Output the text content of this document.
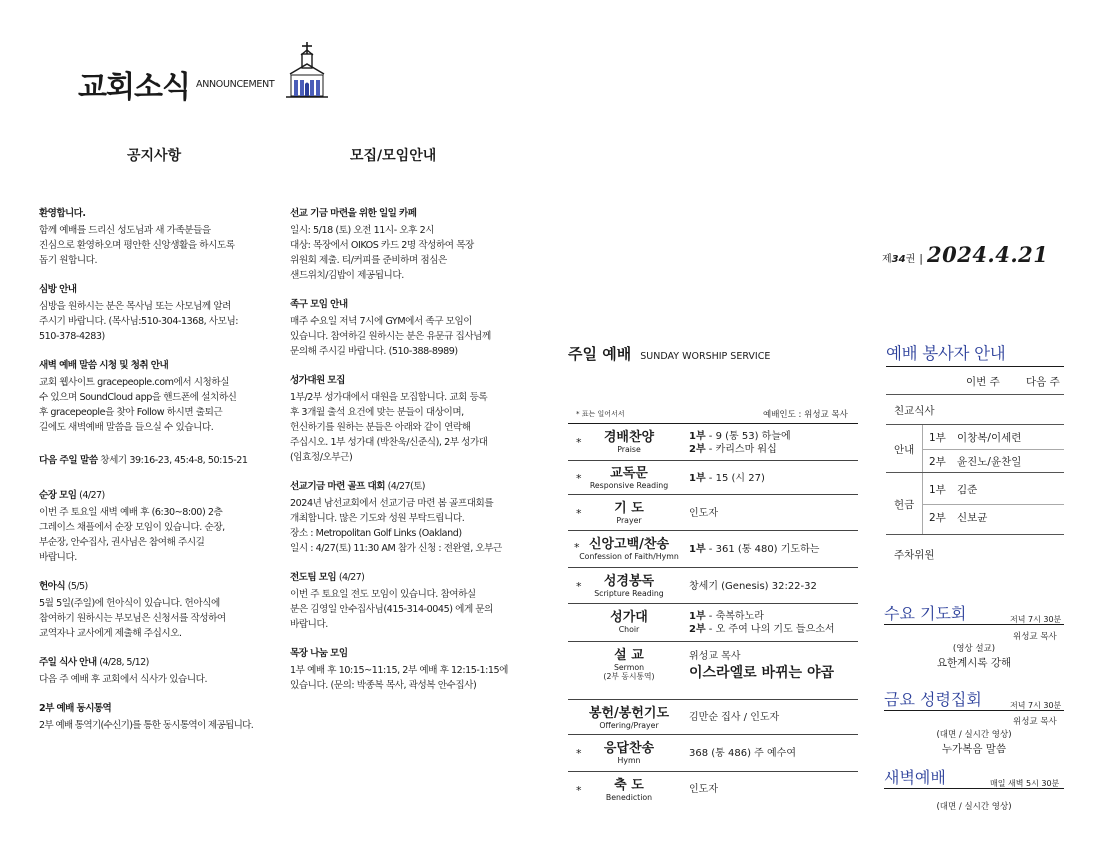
교회소식 ANNOUNCEMENT
공지사항	모집/모임안내
환영합니다.
함께 예배를 드리신 성도님과 새 가족분들을
진심으로 환영하오며 평안한 신앙생활을 하시도록
돕기 원합니다.
심방 안내
심방을 원하시는 분은 목사님 또는 사모님께 알려
주시기 바랍니다. (목사님:510-304-1368, 사모님:
510-378-4283)
새벽 예배 말씀 시청 및 청취 안내
교회 웹사이트 gracepeople.com에서 시청하실
수 있으며 SoundCloud app을 핸드폰에 설치하신
후 gracepeople을 찾아 Follow 하시면 출퇴근
길에도 새벽예배 말씀을 들으실 수 있습니다.
다음 주일 말씀 창세기 39:16-23, 45:4-8, 50:15-21
순장 모임 (4/27)
이번 주 토요일 새벽 예배 후 (6:30~8:00) 2층
그레이스 채플에서 순장 모임이 있습니다. 순장,
부순장, 안수집사, 권사님은 참여해 주시길
바랍니다.
헌아식 (5/5)
5월 5일(주일)에 헌아식이 있습니다. 헌아식에
참여하기 원하시는 부모님은 신청서를 작성하여
교역자나 교사에게 제출해 주십시오.
주일 식사 안내 (4/28, 5/12)
다음 주 예배 후 교회에서 식사가 있습니다.
2부 예배 동시통역
2부 예배 통역기(수신기)를 통한 동시통역이 제공됩니다.
선교 기금 마련을 위한 일일 카페
일시: 5/18 (토) 오전 11시- 오후 2시
대상: 목장에서 OIKOS 카드 2명 작성하여 목장
위원회 제출. 티/커피를 준비하며 점심은
샌드위치/김밥이 제공됩니다.
족구 모임 안내
매주 수요일 저녁 7시에 GYM에서 족구 모임이
있습니다. 참여하길 원하시는 분은 유문규 집사님께
문의해 주시길 바랍니다. (510-388-8989)
성가대원 모집
1부/2부 성가대에서 대원을 모집합니다. 교회 등록
후 3개월 출석 요건에 맞는 분들이 대상이며,
헌신하기를 원하는 분들은 아래와 같이 연락해
주십시오. 1부 성가대 (박찬욱/신준식), 2부 성가대
(임효정/오부근)
선교기금 마련 골프 대회 (4/27(토)
2024년 남선교회에서 선교기금 마련 봄 골프대회를
개최합니다. 많은 기도와 성원 부탁드립니다.
장소 : Metropolitan Golf Links (Oakland)
일시 : 4/27(토) 11:30 AM 참가 신청 : 전완열, 오부근
전도팀 모임 (4/27)
이번 주 토요일 전도 모임이 있습니다. 참여하실
분은 김영일 안수집사님(415-314-0045) 에게 문의
바랍니다.
목장 나눔 모임
1부 예배 후 10:15~11:15, 2부 예배 후 12:15-1:15에
있습니다. (문의: 박종복 목사, 곽성복 안수집사)
제 34 권 | 2024.4.21
주일 예배 SUNDAY WORSHIP SERVICE
* 표는 일어서서	예배인도 : 위성교 목사
*	경배찬양
Praise
1부 - 9 (통 53) 하늘에
2부 - 카리스마 워십
*	교독문
Responsive Reading
1부 - 15 (시 27)
*	기 도
Prayer
인도자
* 신앙고백/찬송
Confession of Faith/Hymn
1부 - 361 (통 480) 기도하는
*	성경봉독
Scripture Reading
창세기 (Genesis) 32:22-32
성가대
Choir
1부 - 축복하노라
2부 - 오 주여 나의 기도 들으소서
설 교
Sermon
(2부 동시통역)
위성교 목사
이스라엘로 바뀌는 야곱
봉헌/봉헌기도
Offering/Prayer
김만순 집사 / 인도자
*	응답찬송
Hymn
368 (통 486) 주 예수여
*	축 도
Benediction
인도자
예배 봉사자 안내
이번 주 다음 주
친교식사
안내
1부 이창복/이세련
2부 윤진노/윤찬일
헌금
1부 김준
2부 신보균
주차위원
수요 기도회	저녁 7시 30분
위성교 목사
(영상 설교)
요한계시록 강해
금요 성령집회	저녁 7시 30분
위성교 목사
(대면 / 실시간 영상)
누가복음 말씀
새벽예배	매일 새벽 5시 30분
(대면 / 실시간 영상)
